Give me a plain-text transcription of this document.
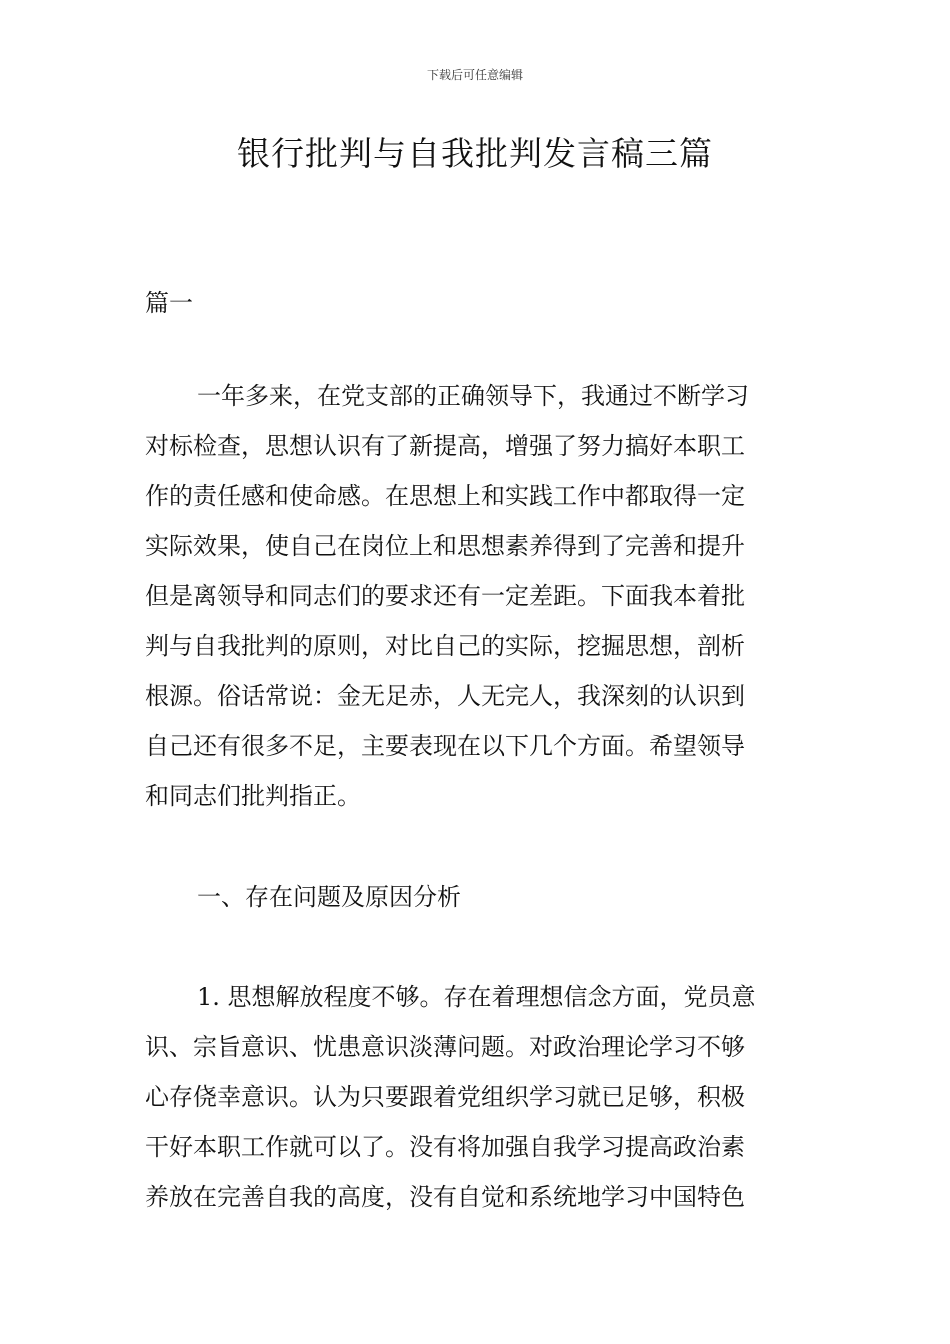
下载后可任意编辑
银行批判与自我批判发言稿三篇
篇一
一年多来，在党支部的正确领导下，我通过不断学习
对标检查，思想认识有了新提高，增强了努力搞好本职工
作的责任感和使命感。在思想上和实践工作中都取得一定
实际效果，使自己在岗位上和思想素养得到了完善和提升
但是离领导和同志们的要求还有一定差距。下面我本着批
判与自我批判的原则，对比自己的实际，挖掘思想，剖析
根源。俗话常说：金无足赤，人无完人，我深刻的认识到
自己还有很多不足，主要表现在以下几个方面。希望领导
和同志们批判指正。
一、存在问题及原因分析
1. 思想解放程度不够。存在着理想信念方面，党员意
识、宗旨意识、忧患意识淡薄问题。对政治理论学习不够
心存侥幸意识。认为只要跟着党组织学习就已足够，积极
干好本职工作就可以了。没有将加强自我学习提高政治素
养放在完善自我的高度，没有自觉和系统地学习中国特色
